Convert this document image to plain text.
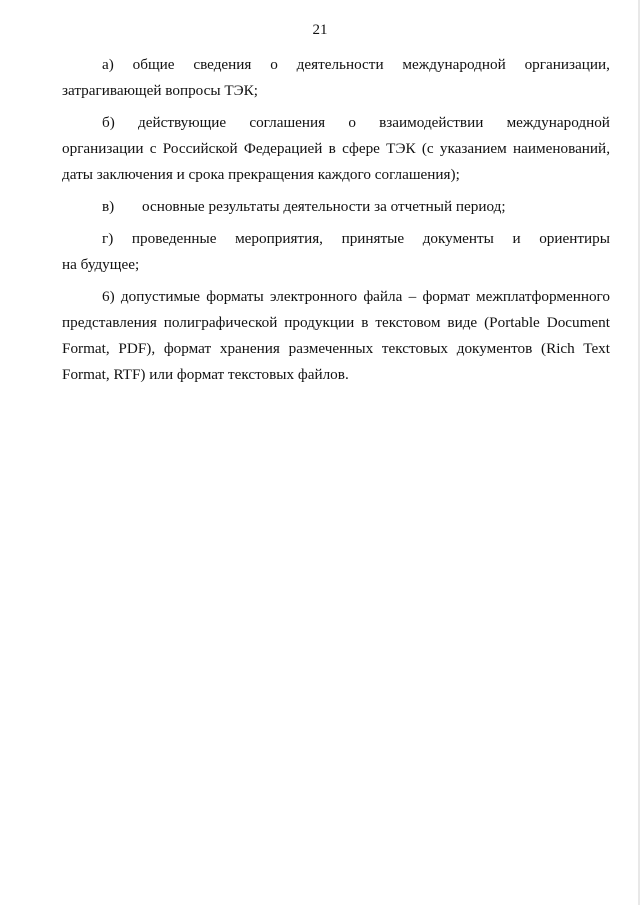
21
а) общие сведения о деятельности международной организации,
затрагивающей вопросы ТЭК;
б) действующие соглашения о взаимодействии международной
организации с Российской Федерацией в сфере ТЭК (с указанием наименований,
даты заключения и срока прекращения каждого соглашения);
в)	основные результаты деятельности за отчетный период;
г) проведенные мероприятия, принятые документы и ориентиры
на будущее;
6) допустимые форматы электронного файла – формат межплатформенного
представления полиграфической продукции в текстовом виде (Portable Document
Format, PDF), формат хранения размеченных текстовых документов (Rich Text
Format, RTF) или формат текстовых файлов.
